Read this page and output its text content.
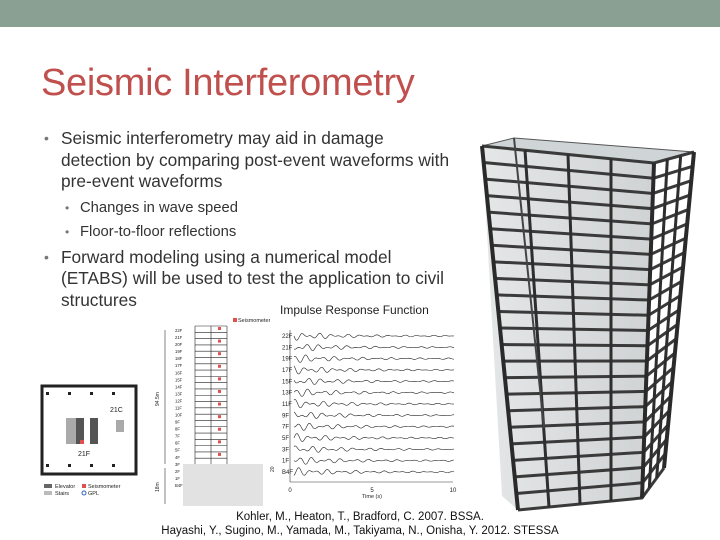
Seismic Interferometry
• Seismic interferometry may aid in damage detection by comparing post-event waveforms with pre-event waveforms
• Changes in wave speed
• Floor-to-floor reflections
• Forward modeling using a numerical model (ETABS) will be used to test the application to civil structures
21C
21F
Elevator Seismometer
Stairs	GPL
Seismometer
94.5m
18m
22F
21F
20F
19F
18F
17F
16F
15F
14F
13F
12F
11F
10F
9F
8F
7F
6F
5F
4F
3F
2F
1F
B4F
Impulse Response Function
22F
21F
19F
17F
15F
13F
11F
9F
7F
5F
3F
1F
B4F
0	5	10
Time (s)
20
Kohler, M., Heaton, T., Bradford, C. 2007. BSSA.
Hayashi, Y., Sugino, M., Yamada, M., Takiyama, N., Onisha, Y. 2012. STESSA
